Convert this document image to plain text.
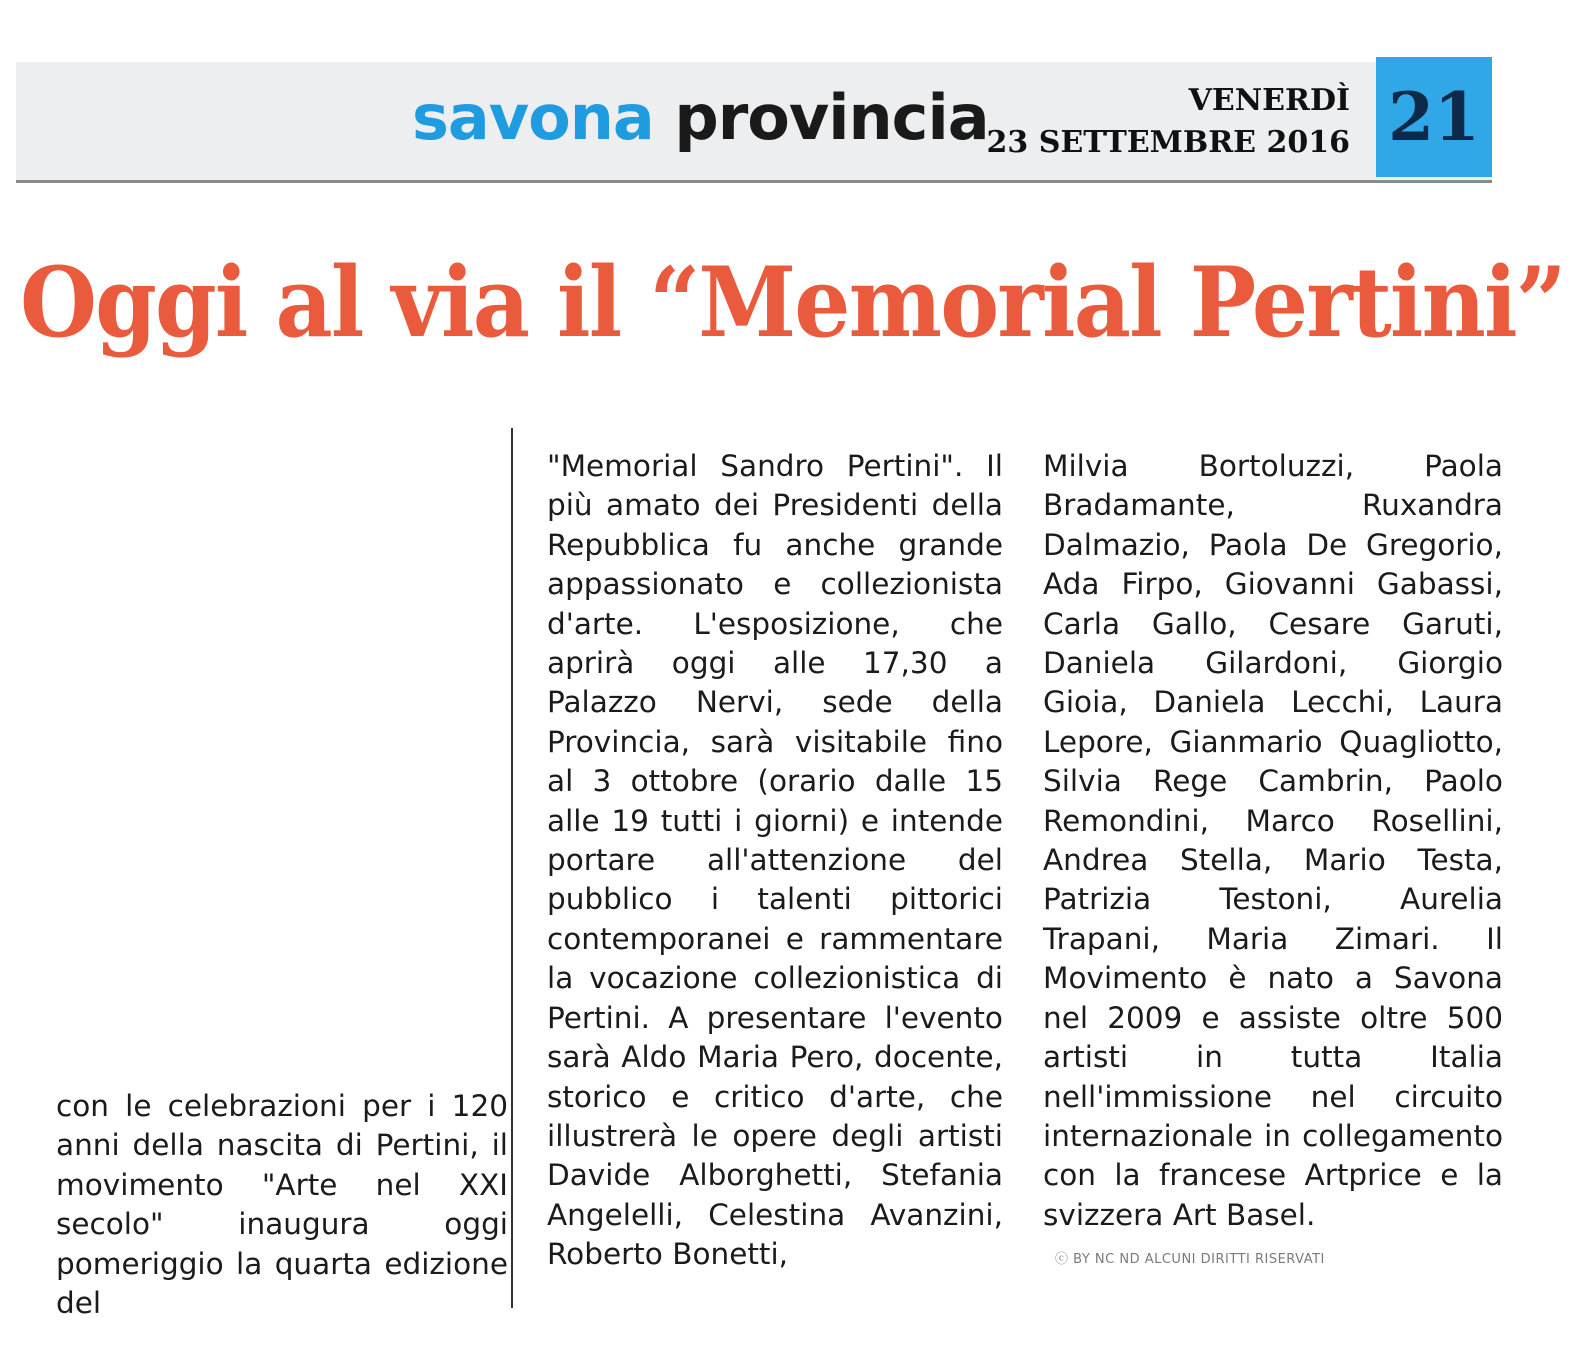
savona provincia	VENERDÌ
23 SETTEMBRE 2016 21
Oggi al via il “Memorial Pertini”

con le celebrazioni per i 120 anni della nascita di Pertini, il movimento "Arte nel XXI secolo" inaugura oggi pomeriggio la quarta edizione del

"Memorial Sandro Pertini". Il più amato dei Presidenti della Repubblica fu anche grande appassionato e collezionista d'arte. L'esposizione, che aprirà oggi alle 17,30 a Palazzo Nervi, sede della Provincia, sarà visitabile fino al 3 ottobre (orario dalle 15 alle 19 tutti i giorni) e intende portare all'attenzione del pubblico i talenti pittorici contemporanei e rammentare la vocazione collezionistica di Pertini. A presentare l'evento sarà Aldo Maria Pero, docente, storico e critico d'arte, che illustrerà le opere degli artisti Davide Alborghetti, Stefania Angelelli, Celestina Avanzini, Roberto Bonetti,

Milvia Bortoluzzi, Paola Bradamante, Ruxandra Dalmazio, Paola De Gregorio, Ada Firpo, Giovanni Gabassi, Carla Gallo, Cesare Garuti, Daniela Gilardoni, Giorgio Gioia, Daniela Lecchi, Laura Lepore, Gianmario Quagliotto, Silvia Rege Cambrin, Paolo Remondini, Marco Rosellini, Andrea Stella, Mario Testa, Patrizia Testoni, Aurelia Trapani, Maria Zimari. Il Movimento è nato a Savona nel 2009 e assiste oltre 500 artisti in tutta Italia nell'immissione nel circuito internazionale in collegamento con la francese Artprice e la svizzera Art Basel.

ⓒ BY NC ND ALCUNI DIRITTI RISERVATI
